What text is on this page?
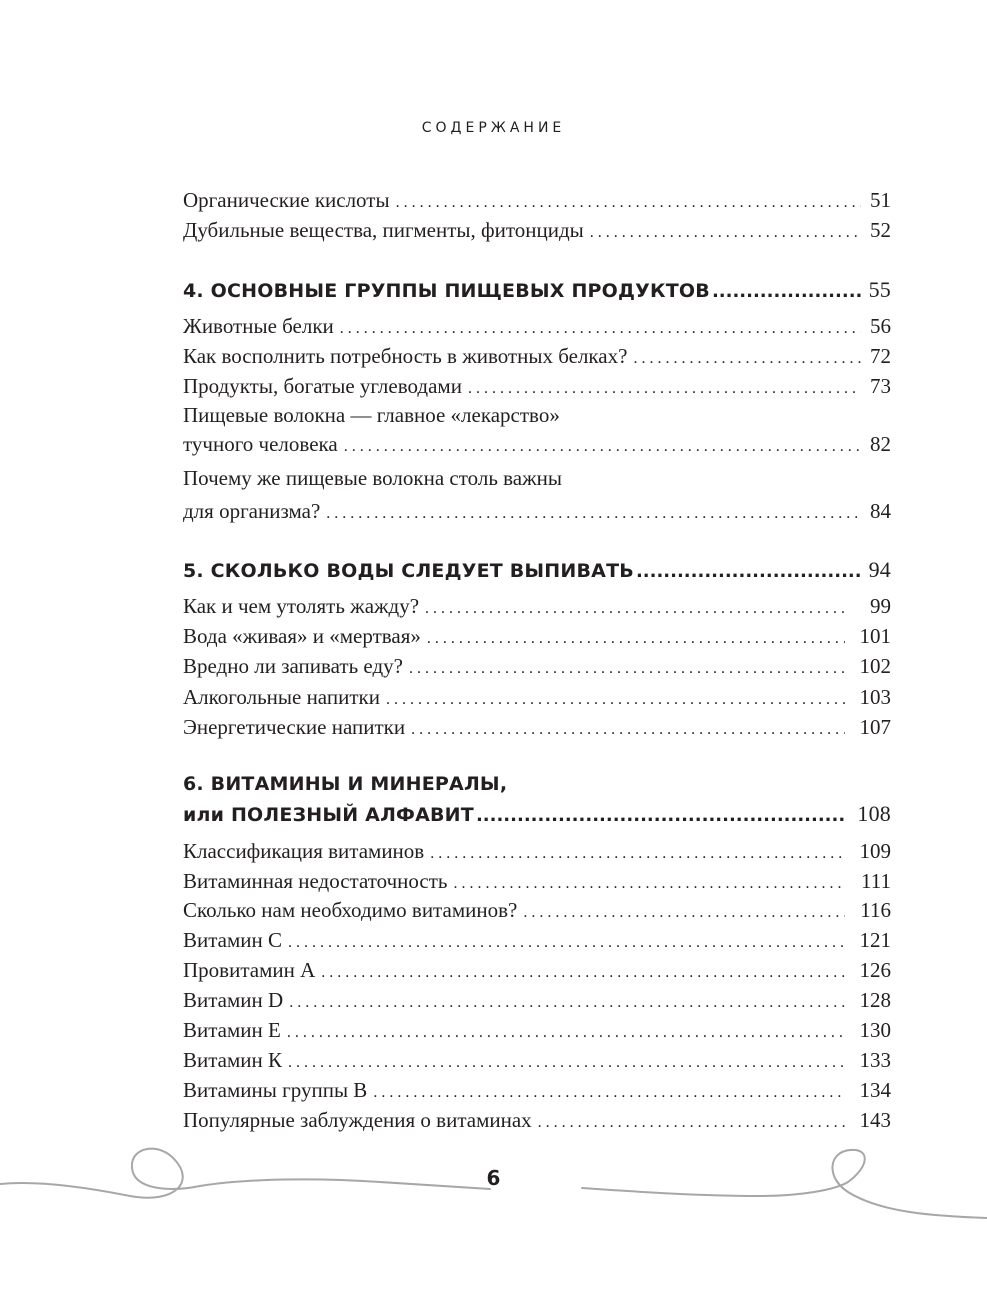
СОДЕРЖАНИЕ
Органические кислоты . . .	51
Дубильные вещества, пигменты, фитонциды . . .	52
4. ОСНОВНЫЕ ГРУППЫ ПИЩЕВЫХ ПРОДУКТОВ .....	55
Животные белки . . .	56
Как восполнить потребность в животных белках? . . .	72
Продукты, богатые углеводами . . .	73
Пищевые волокна — главное «лекарство»
тучного человека . . .	82
Почему же пищевые волокна столь важны
для организма? . . .	84
5. СКОЛЬКО ВОДЫ СЛЕДУЕТ ВЫПИВАТЬ .....	94
Как и чем утолять жажду? . . .	99
Вода «живая» и «мертвая» . . .	101
Вредно ли запивать еду? . . .	102
Алкогольные напитки . . .	103
Энергетические напитки . . .	107
6. ВИТАМИНЫ И МИНЕРАЛЫ,
или ПОЛЕЗНЫЙ АЛФАВИТ .....	108
Классификация витаминов . . .	109
Витаминная недостаточность . . .	111
Сколько нам необходимо витаминов? . . .	116
Витамин С . . .	121
Провитамин А . . .	126
Витамин D . . .	128
Витамин Е . . .	130
Витамин К . . .	133
Витамины группы В . . .	134
Популярные заблуждения о витаминах . . .	143
6
